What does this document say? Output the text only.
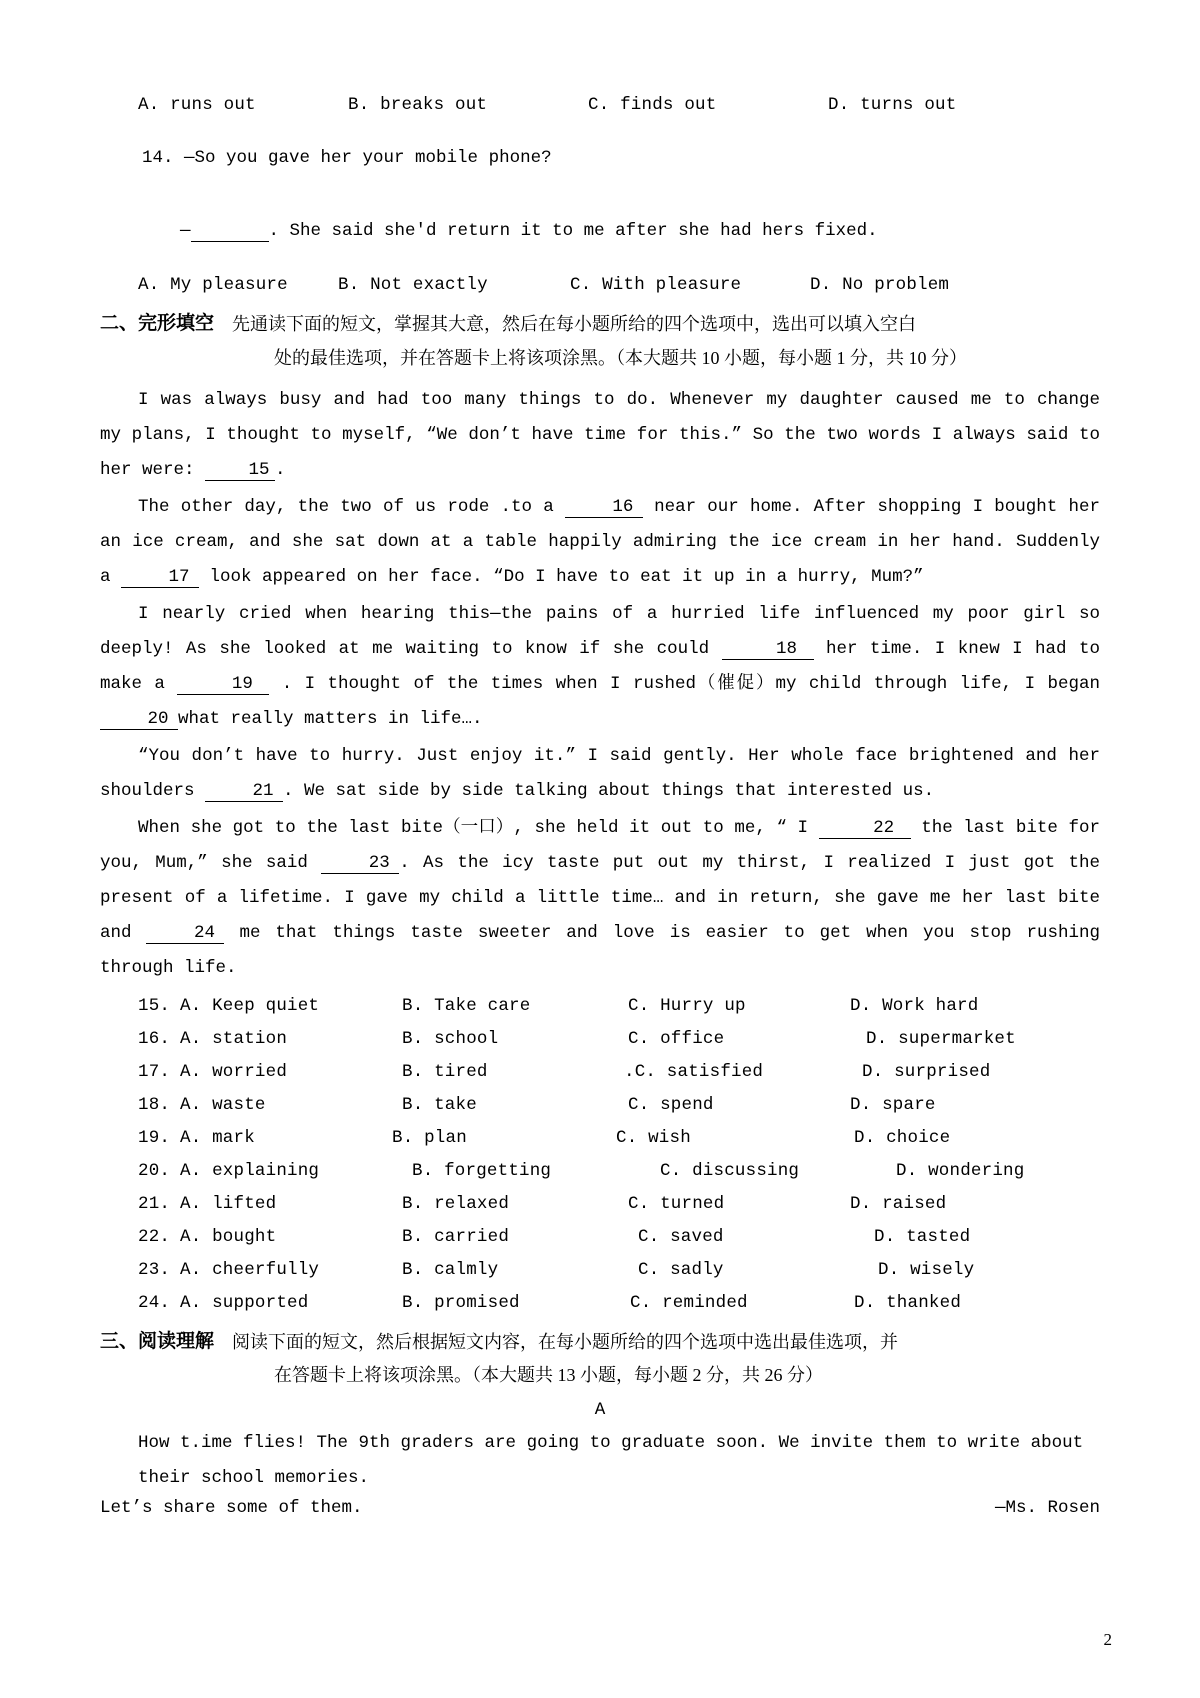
A. runs out	B. breaks out	C. finds out	D. turns out

14. —So you gave her your mobile phone?

—	. She said she'd return it to me after she had hers fixed.

A. My pleasure	B. Not exactly	C. With pleasure	D. No problem
二、完形填空	先通读下面的短文，掌握其大意，然后在每小题所给的四个选项中，选出可以填入空白
处的最佳选项，并在答题卡上将该项涂黑。（本大题共 10 小题，每小题 1 分，共 10 分）

I was always busy and had too many things to do. Whenever my daughter caused me to change my plans, I thought to myself, “We don’t have time for this.” So the two words I always said to her were:	15 .

The other day, the two of us rode .to a	16 near our home. After shopping I bought her an ice cream, and she sat down at a table happily admiring the ice cream in her hand. Suddenly a	17 look appeared on her face. “Do I have to eat it up in a hurry, Mum?”

I nearly cried when hearing this—the pains of a hurried life influenced my poor girl so deeply! As she looked at me waiting to know if she could	18 her time. I knew I had to make a	19 . I thought of the times when I rushed（催促）my child through life, I began 20 what really matters in life….

“You don’t have to hurry. Just enjoy it.” I said gently. Her whole face brightened and her shoulders	21 . We sat side by side talking about things that interested us.

When she got to the last bite（一口）, she held it out to me, “ I	22 the last bite for you, Mum,” she said	23 . As the icy taste put out my thirst, I realized I just got the present of a lifetime. I gave my child a little time… and in return, she gave me her last bite and	24 me that things taste sweeter and love is easier to get when you stop rushing through life.

15. A. Keep quiet	B. Take care	C. Hurry up	D. Work hard
16. A. station	B. school	C. office	D. supermarket
17. A. worried	B. tired	.C. satisfied	D. surprised
18. A. waste	B. take	C. spend	D. spare
19. A. mark	B. plan	C. wish	D. choice
20. A. explaining	B. forgetting	C. discussing	D. wondering
21. A. lifted	B. relaxed	C. turned	D. raised
22. A. bought	B. carried	C. saved	D. tasted
23. A. cheerfully	B. calmly	C. sadly	D. wisely
24. A. supported	B. promised	C. reminded	D. thanked
三、阅读理解	阅读下面的短文，然后根据短文内容，在每小题所给的四个选项中选出最佳选项，并
在答题卡上将该项涂黑。（本大题共 13 小题，每小题 2 分，共 26 分）
A

How t.ime flies! The 9th graders are going to graduate soon. We invite them to write about

their school memories.

Let’s share some of them.	—Ms. Rosen
2
